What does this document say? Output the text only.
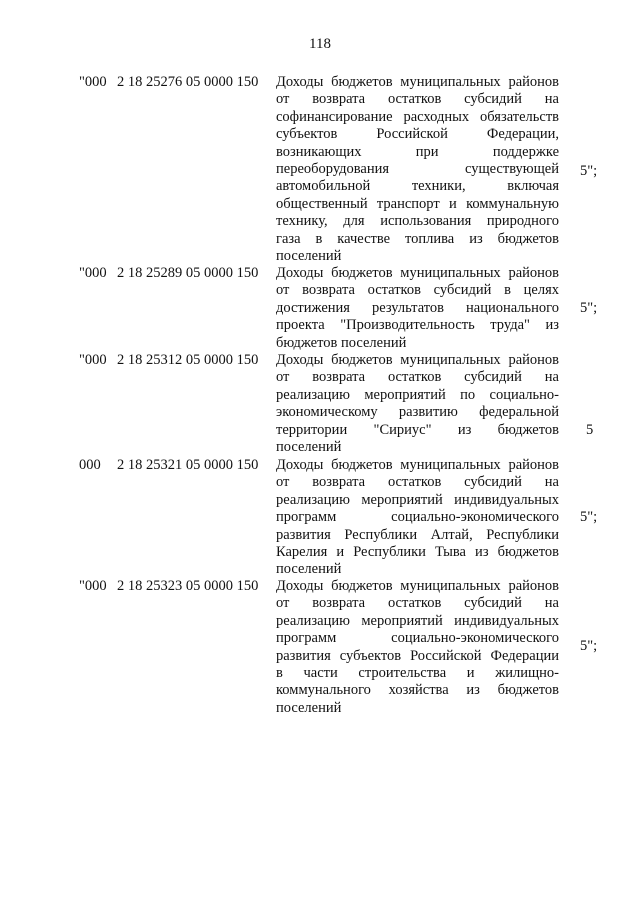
118
"000 2 18 25276 05 0000 150 Доходы бюджетов муниципальных районов
от возврата остатков субсидий на
софинансирование расходных обязательств
субъектов Российской Федерации,
возникающих при поддержке
переоборудования существующей
автомобильной техники, включая
общественный транспорт и коммунальную
технику, для использования природного
газа в качестве топлива из бюджетов
поселений
5";
"000 2 18 25289 05 0000 150 Доходы бюджетов муниципальных районов
от возврата остатков субсидий в целях
достижения результатов национального
проекта "Производительность труда" из
бюджетов поселений
5";
"000 2 18 25312 05 0000 150 Доходы бюджетов муниципальных районов
от возврата остатков субсидий на
реализацию мероприятий по социально-
экономическому развитию федеральной
территории "Сириус" из бюджетов
поселений
5
000 2 18 25321 05 0000 150 Доходы бюджетов муниципальных районов
от возврата остатков субсидий на
реализацию мероприятий индивидуальных
программ социально-экономического
развития Республики Алтай, Республики
Карелия и Республики Тыва из бюджетов
поселений
5";
"000 2 18 25323 05 0000 150 Доходы бюджетов муниципальных районов
от возврата остатков субсидий на
реализацию мероприятий индивидуальных
программ социально-экономического
развития субъектов Российской Федерации
в части строительства и жилищно-
коммунального хозяйства из бюджетов
поселений
5";
